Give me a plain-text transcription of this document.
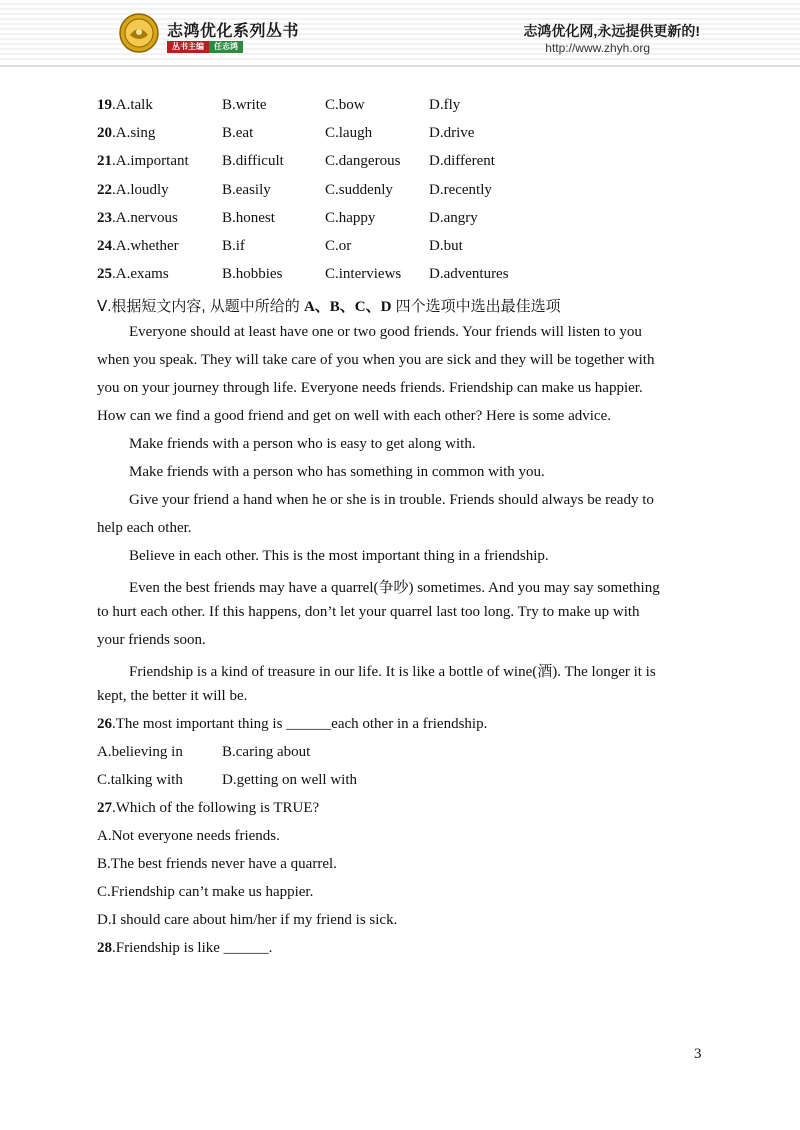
志鸿优化系列丛书
丛书主编	任志鸿
志鸿优化网,永远提供更新的!
http://www.zhyh.org
19.A.talk	B.write	C.bow	D.fly
20.A.sing	B.eat	C.laugh	D.drive
21.A.important B.difficult	C.dangerous D.different
22.A.loudly	B.easily	C.suddenly D.recently
23.A.nervous	B.honest	C.happy	D.angry
24.A.whether	B.if	C.or	D.but
25.A.exams	B.hobbies	C.interviews D.adventures
Ⅴ.根据短文内容, 从题中所给的 A、B、C、D 四个选项中选出最佳选项
Everyone should at least have one or two good friends. Your friends will listen to you
when you speak. They will take care of you when you are sick and they will be together with
you on your journey through life. Everyone needs friends. Friendship can make us happier.
How can we find a good friend and get on well with each other? Here is some advice.
Make friends with a person who is easy to get along with.
Make friends with a person who has something in common with you.
Give your friend a hand when he or she is in trouble. Friends should always be ready to
help each other.
Believe in each other. This is the most important thing in a friendship.
Even the best friends may have a quarrel(争吵) sometimes. And you may say something
to hurt each other. If this happens, don’t let your quarrel last too long. Try to make up with
your friends soon.
Friendship is a kind of treasure in our life. It is like a bottle of wine(酒). The longer it is
kept, the better it will be.
26.The most important thing is ______each other in a friendship.
A.believing in	B.caring about
C.talking with	D.getting on well with
27.Which of the following is TRUE?
A.Not everyone needs friends.
B.The best friends never have a quarrel.
C.Friendship can’t make us happier.
D.I should care about him/her if my friend is sick.
28.Friendship is like ______.
3
